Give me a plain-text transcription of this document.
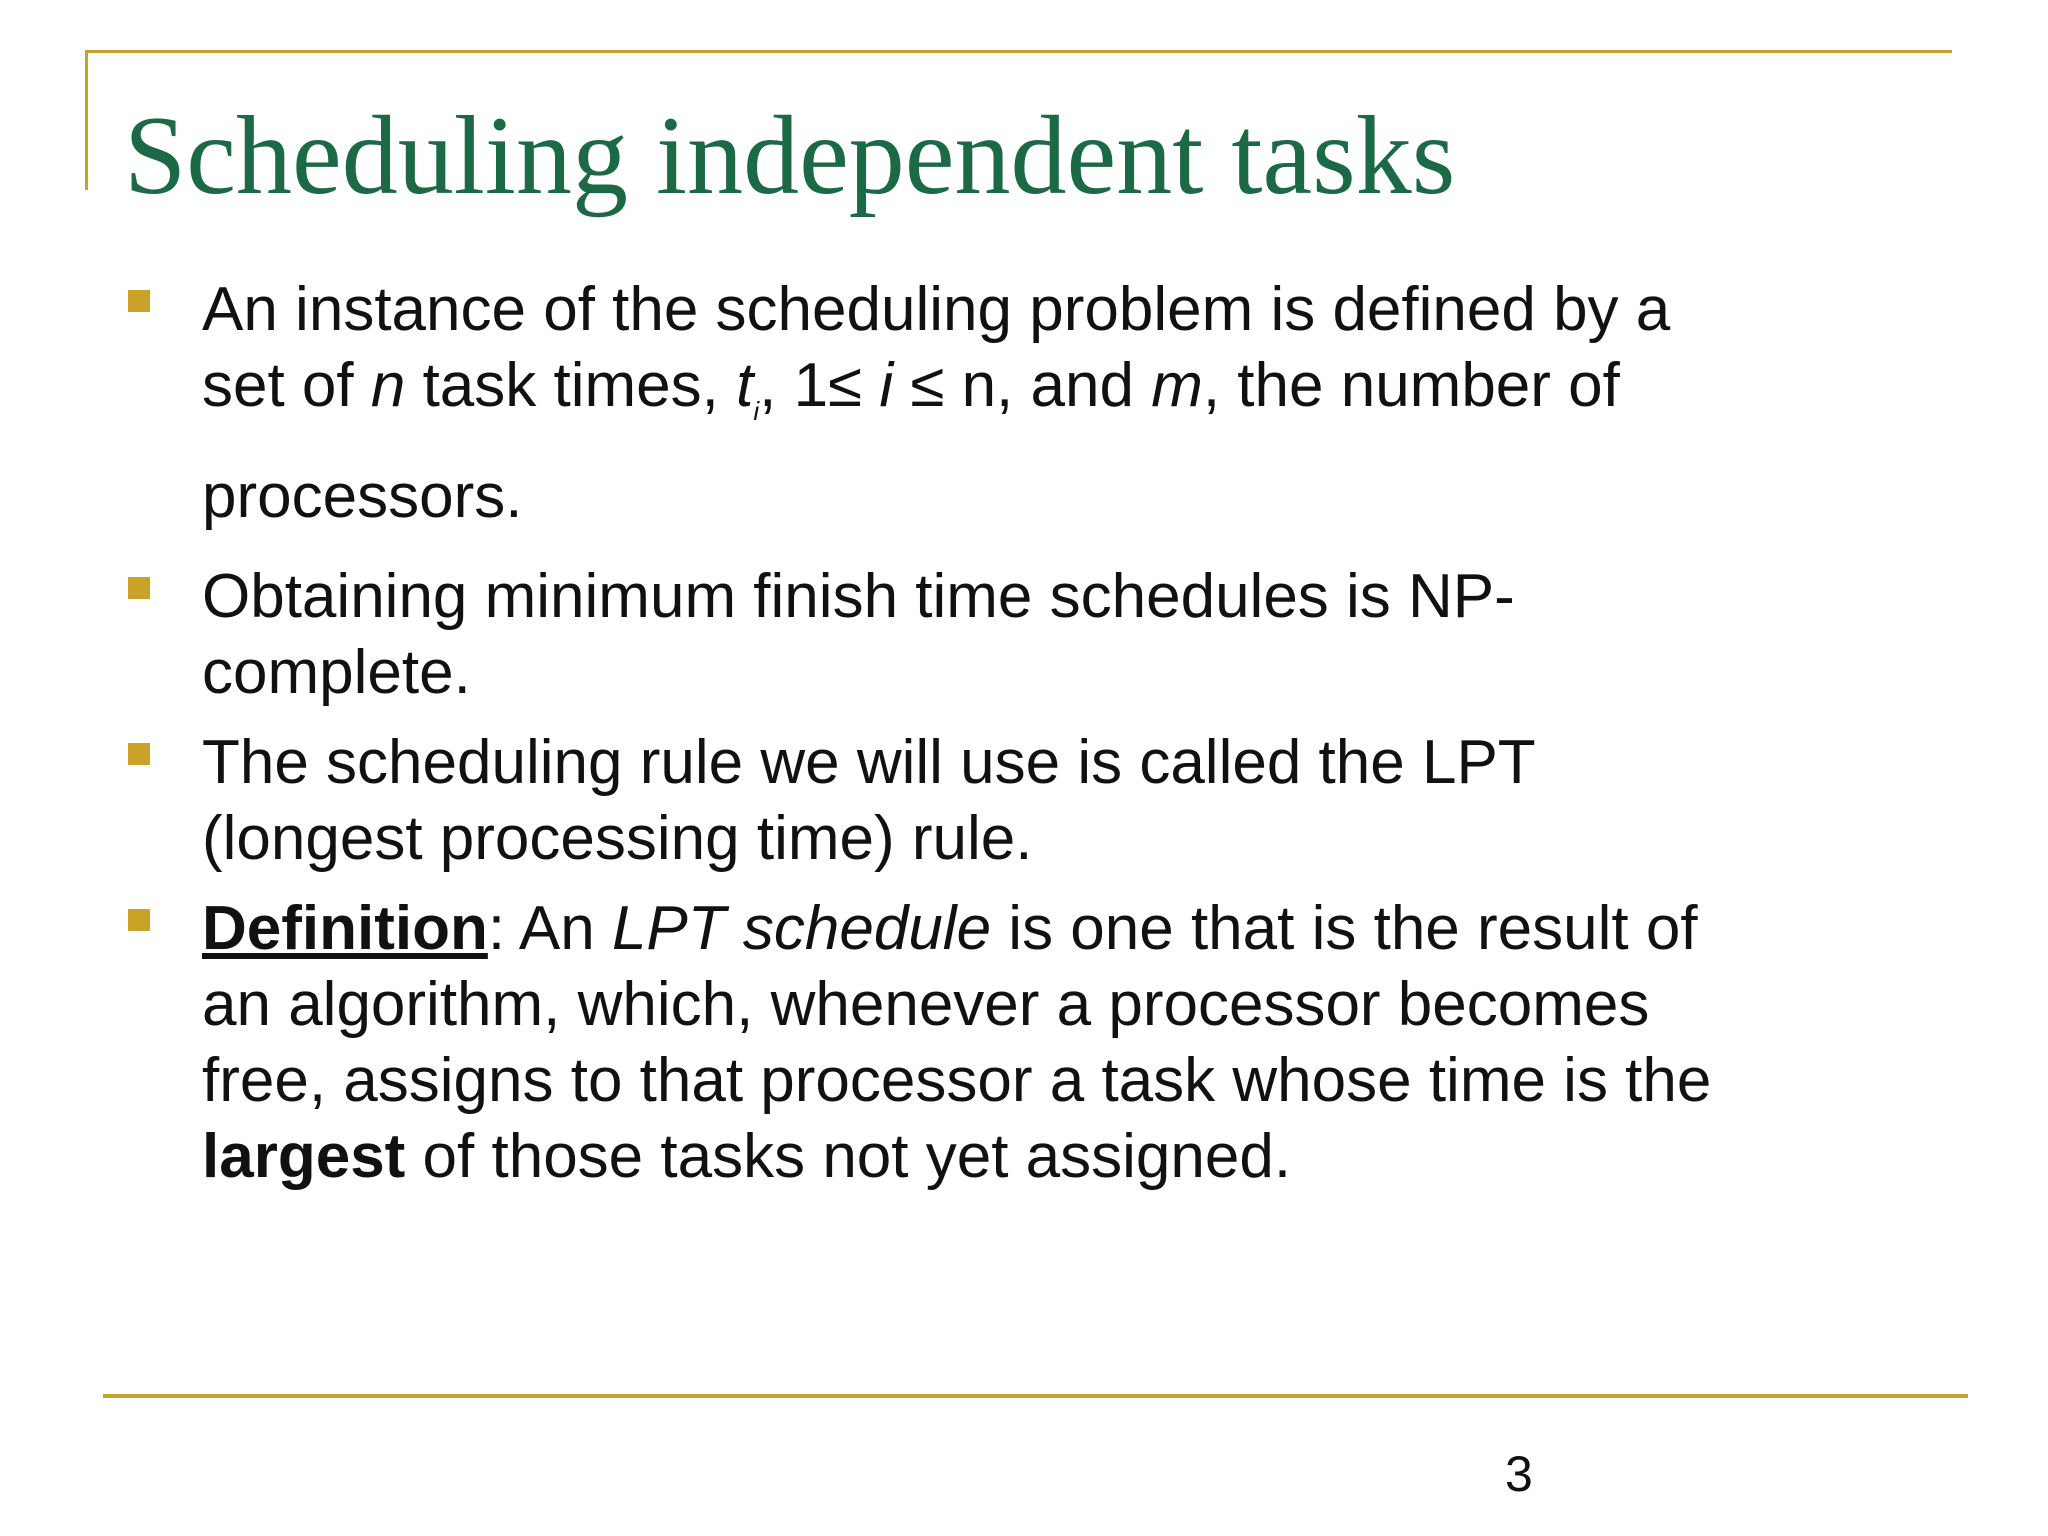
Scheduling independent tasks
An instance of the scheduling problem is defined by a
set of n task times, $t_i$, 1≤ i ≤ n, and m, the number of
processors.
Obtaining minimum finish time schedules is NP-
complete.
The scheduling rule we will use is called the LPT
(longest processing time) rule.
Definition: An LPT schedule is one that is the result of
an algorithm, which, whenever a processor becomes
free, assigns to that processor a task whose time is the
largest of those tasks not yet assigned.
3
